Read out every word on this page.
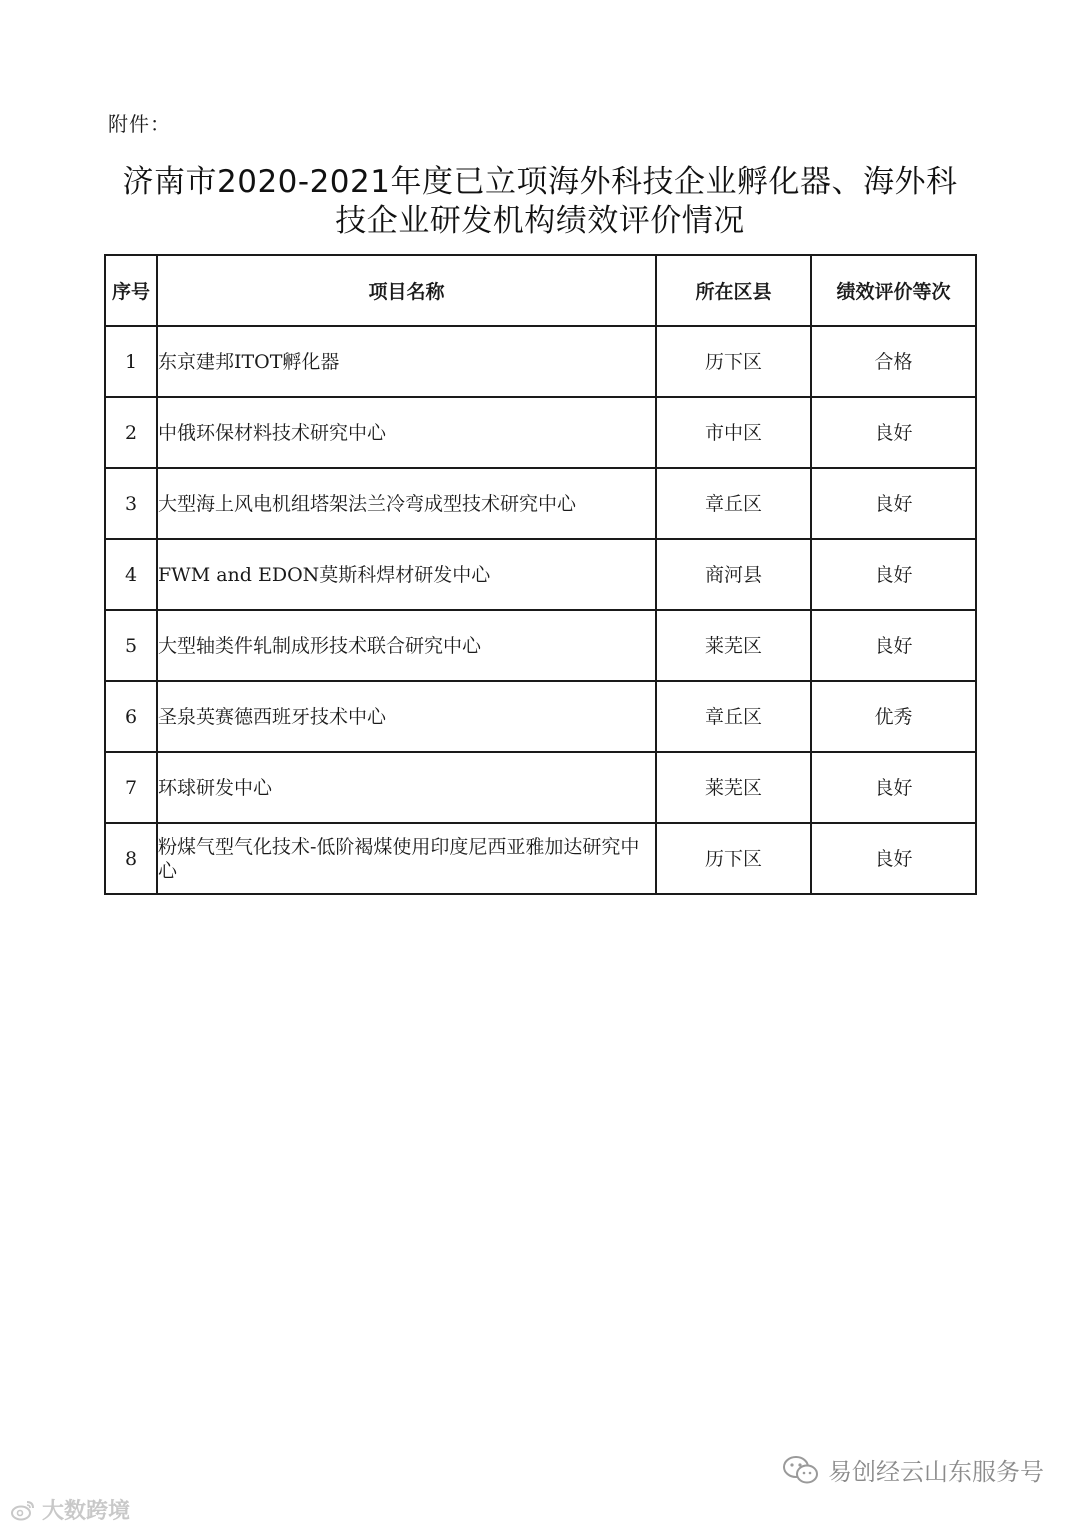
附件：
济南市2020-2021年度已立项海外科技企业孵化器、海外科
技企业研发机构绩效评价情况
序号	项目名称	所在区县	绩效评价等次
1	东京建邦ITOT孵化器	历下区	合格
2	中俄环保材料技术研究中心	市中区	良好
3	大型海上风电机组塔架法兰冷弯成型技术研究中心	章丘区	良好
4	FWM and EDON莫斯科焊材研发中心	商河县	良好
5	大型轴类件轧制成形技术联合研究中心	莱芜区	良好
6	圣泉英赛德西班牙技术中心	章丘区	优秀
7	环球研发中心	莱芜区	良好
8	粉煤气型气化技术-低阶褐煤使用印度尼西亚雅加达研究中心	历下区	良好
易创经云山东服务号
大数跨境
